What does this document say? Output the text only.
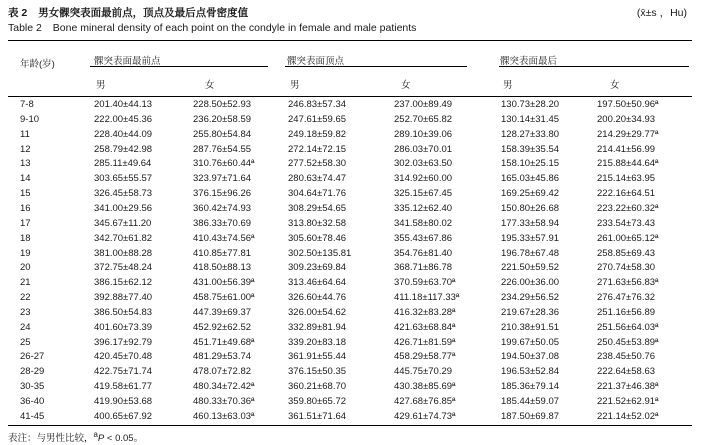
表 2 男女髁突表面最前点，顶点及最后点骨密度值	(x̄±s ，Hu)
Table 2 Bone mineral density of each point on the condyle in female and male patients
年龄(岁)	髁突表面最前点	髁突表面顶点	髁突表面最后
男	女	男	女	男	女
7-8	201.40±44.13	228.50±52.93	246.83±57.34	237.00±89.49	130.73±28.20	197.50±50.96ª
9-10	222.00±45.36	236.20±58.59	247.61±59.65	252.70±65.82	130.14±31.45	200.20±34.93
11	228.40±44.09	255.80±54.84	249.18±59.82	289.10±39.06	128.27±33.80	214.29±29.77ª
12	258.79±42.98	287.76±54.55	272.14±72.15	286.03±70.01	158.39±35.54	214.41±56.99
13	285.11±49.64	310.76±60.44ª	277.52±58.30	302.03±63.50	158.10±25.15	215.88±44.64ª
14	303.65±55.57	323.97±71.64	280.63±74.47	314.92±60.00	165.03±45.86	215.14±63.95
15	326.45±58.73	376.15±96.26	304.64±71.76	325.15±67.45	169.25±69.42	222.16±64.51
16	341.00±29.56	360.42±74.93	308.29±54.65	335.12±62.40	150.80±26.68	223.22±60.32ª
17	345.67±11.20	386.33±70.69	313.80±32.58	341.58±80.02	177.33±58.94	233.54±73.43
18	342.70±61.82	410.43±74.56ª	305.60±78.46	355.43±67.86	195.33±57.91	261.00±65.12ª
19	381.00±88.28	410.85±77.81	302.50±135.81	354.76±81.40	196.78±67.48	258.85±69.43
20	372.75±48.24	418.50±88.13	309.23±69.84	368.71±86.78	221.50±59.52	270.74±58.30
21	386.15±62.12	431.00±56.39ª	313.46±64.64	370.59±63.70ª	226.00±36.00	271.63±56.83ª
22	392.88±77.40	458.75±61.00ª	326.60±44.76	411.18±117.33ª	234.29±56.52	276.47±76.32
23	386.50±54.83	447.39±69.37	326.00±54.62	416.32±83.28ª	219.67±28.36	251.16±56.89
24	401.60±73.39	452.92±62.52	332.89±81.94	421.63±68.84ª	210.38±91.51	251.56±64.03ª
25	396.17±92.79	451.71±49.68ª	339.20±83.18	426.71±81.59ª	199.67±50.05	250.45±53.89ª
26-27	420.45±70.48	481.29±53.74	361.91±55.44	458.29±58.77ª	194.50±37.08	238.45±50.76
28-29	422.75±71.74	478.07±72.82	376.15±50.35	445.75±70.29	196.53±52.84	222.64±58.63
30-35	419.58±61.77	480.34±72.42ª	360.21±68.70	430.38±85.69ª	185.36±79.14	221.37±46.38ª
36-40	419.90±53.68	480.33±70.36ª	359.80±65.72	427.68±76.85ª	185.44±59.07	221.52±62.91ª
41-45	400.65±67.92	460.13±63.03ª	361.51±71.64	429.61±74.73ª	187.50±69.87	221.14±52.02ª
表注：与男性比较，$^a$P < 0.05。
